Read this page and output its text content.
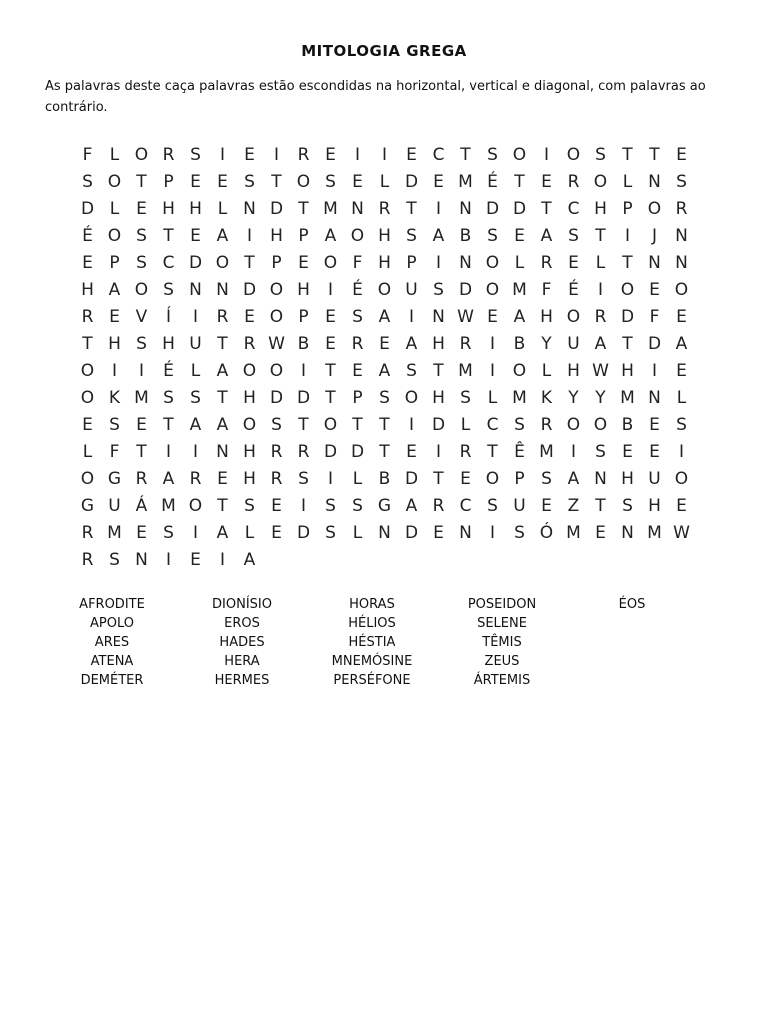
MITOLOGIA GREGA
As palavras deste caça palavras estão escondidas na horizontal, vertical e diagonal, com palavras ao contrário.
F	L O R S	I	E	I	R E	I	I	E C T S O	I	O S T T E
S O T P E E S T O S E L D E M É T E R O L N S
D L E H H L N D T M N R T	I	N D D T C H P O R
É O S T E A	I	H P A O H S A B S E A S T	I	J	N
E P S C D O T P E O F H P	I	N O L R E L	T N N
H A O S N N D O H	I	É O U S D O M F É	I	O E O
R E V	Í	I	R E O P E S A	I	N W E A H O R D F E
T H S H U T R W B E R E A H R	I	B Y U A T D A
O	I	I	É L A O O	I	T E A S T M	I	O L H W H	I	E
O K M S S T H D D T P S O H S L M K Y Y M N L
E S E T A A O S T O T T	I	D L C S R O O B E S
L	F T	I	I	N H R R D D T E	I	R T Ê M	I	S E E	I
O G R A R E H R S	I	L B D T E O P S A N H U O
G U Á M O T S E	I	S S G A R C S U E Z T S H E
R M E S	I	A L E D S L N D E N	I	S Ó M E N M W
R S N	I	E	I	A
AFRODITE
APOLO
ARES
ATENA
DEMÉTER
DIONÍSIO
EROS
HADES
HERA
HERMES
HORAS
HÉLIOS
HÉSTIA
MNEMÓSINE
PERSÉFONE
POSEIDON
SELENE
TÊMIS
ZEUS
ÁRTEMIS
ÉOS
